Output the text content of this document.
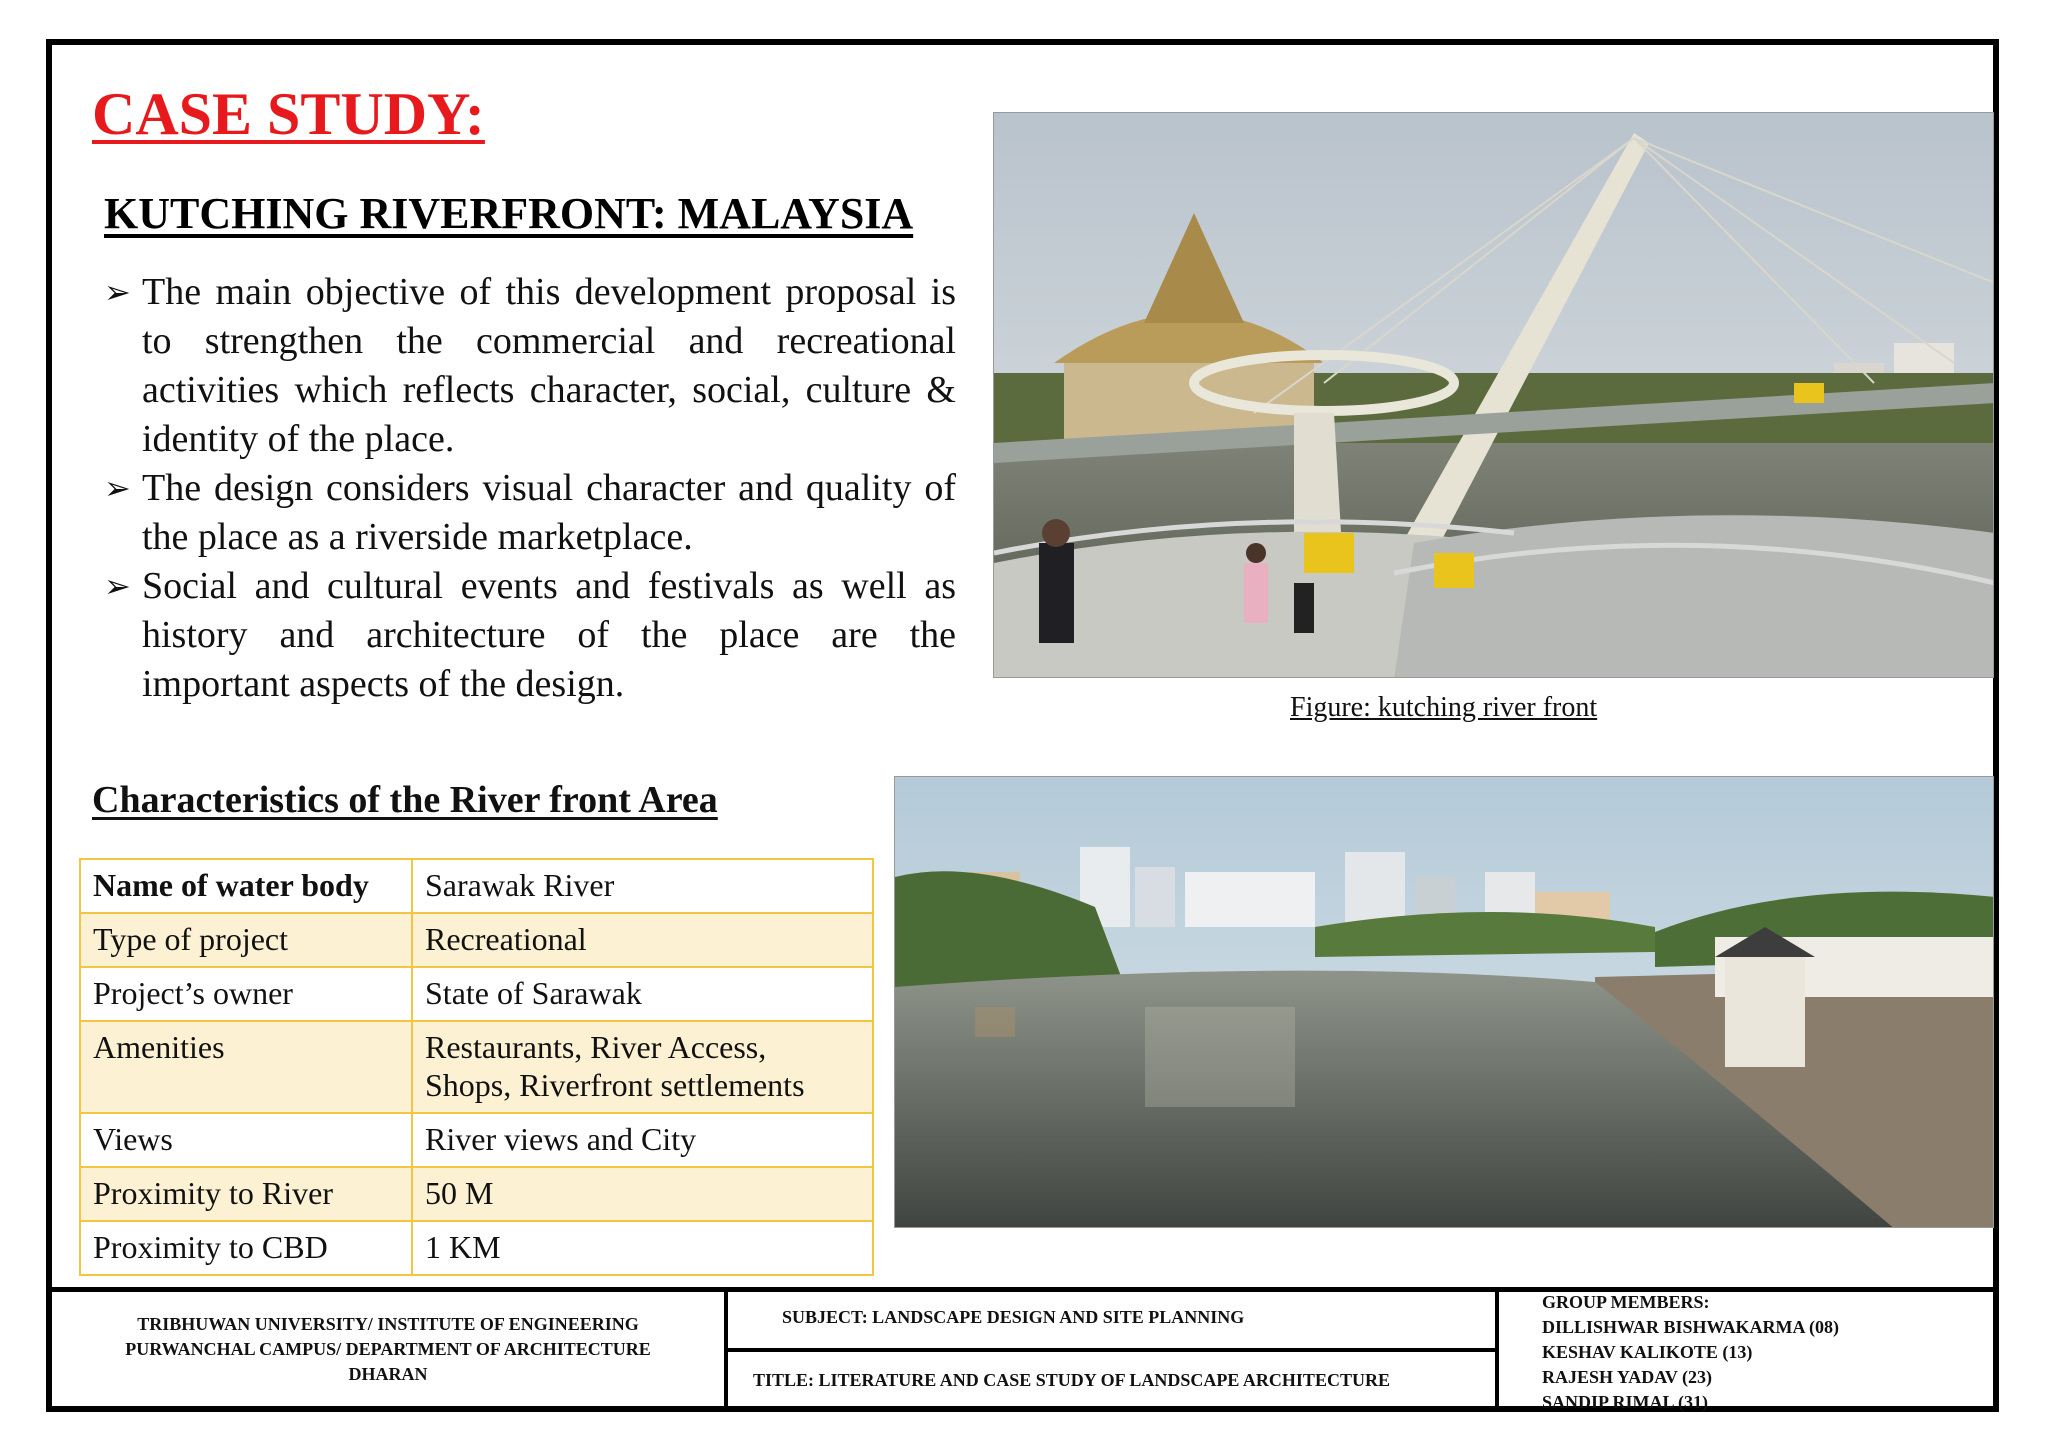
CASE STUDY:
KUTCHING RIVERFRONT: MALAYSIA
➢ The main objective of this development proposal is to strengthen the commercial and recreational activities which reflects character, social, culture & identity of the place.
➢ The design considers visual character and quality of the place as a riverside marketplace.
➢ Social and cultural events and festivals as well as history and architecture of the place are the important aspects of the design.
Figure: kutching river front
Characteristics of the River front Area
Name of water body	Sarawak River
Type of project	Recreational
Project’s owner	State of Sarawak
Amenities	Restaurants, River Access,
Shops, Riverfront settlements

Views	River views and City
Proximity to River	50 M
Proximity to CBD	1 KM
TRIBHUWAN UNIVERSITY/ INSTITUTE OF ENGINEERING
PURWANCHAL CAMPUS/ DEPARTMENT OF ARCHITECTURE
DHARAN
SUBJECT: LANDSCAPE DESIGN AND SITE PLANNING
TITLE: LITERATURE AND CASE STUDY OF LANDSCAPE ARCHITECTURE
GROUP MEMBERS:
DILLISHWAR BISHWAKARMA (08)
KESHAV KALIKOTE (13)
RAJESH YADAV (23)
SANDIP RIMAL (31)
